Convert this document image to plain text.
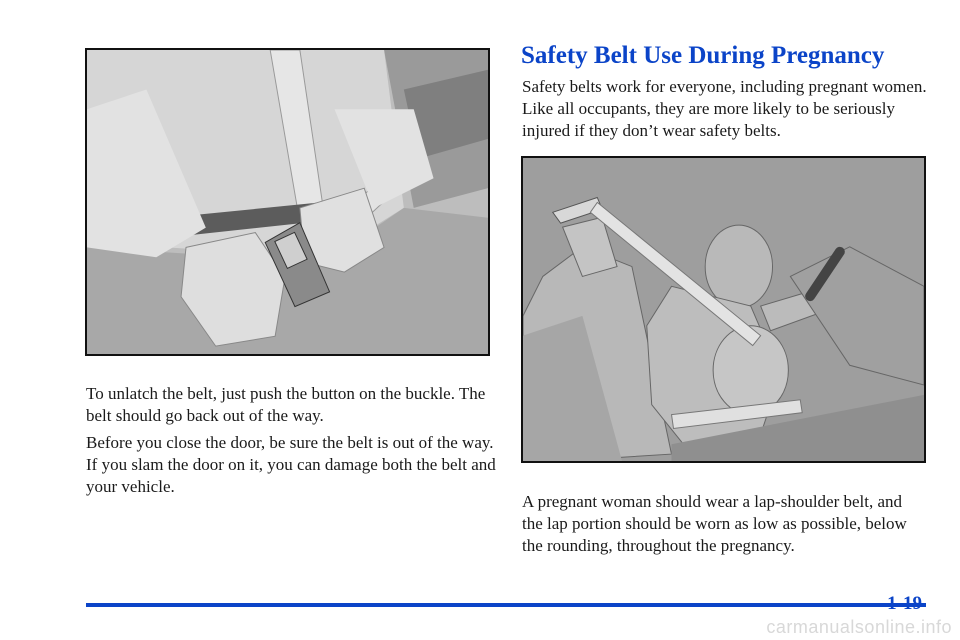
To unlatch the belt, just push the button on the buckle. The belt should go back out of the way.

Before you close the door, be sure the belt is out of the way. If you slam the door on it, you can damage both the belt and your vehicle.

Safety Belt Use During Pregnancy

Safety belts work for everyone, including pregnant women. Like all occupants, they are more likely to be seriously injured if they don’t wear safety belts.

A pregnant woman should wear a lap-shoulder belt, and the lap portion should be worn as low as possible, below the rounding, throughout the pregnancy.

1-19
carmanualsonline.info
